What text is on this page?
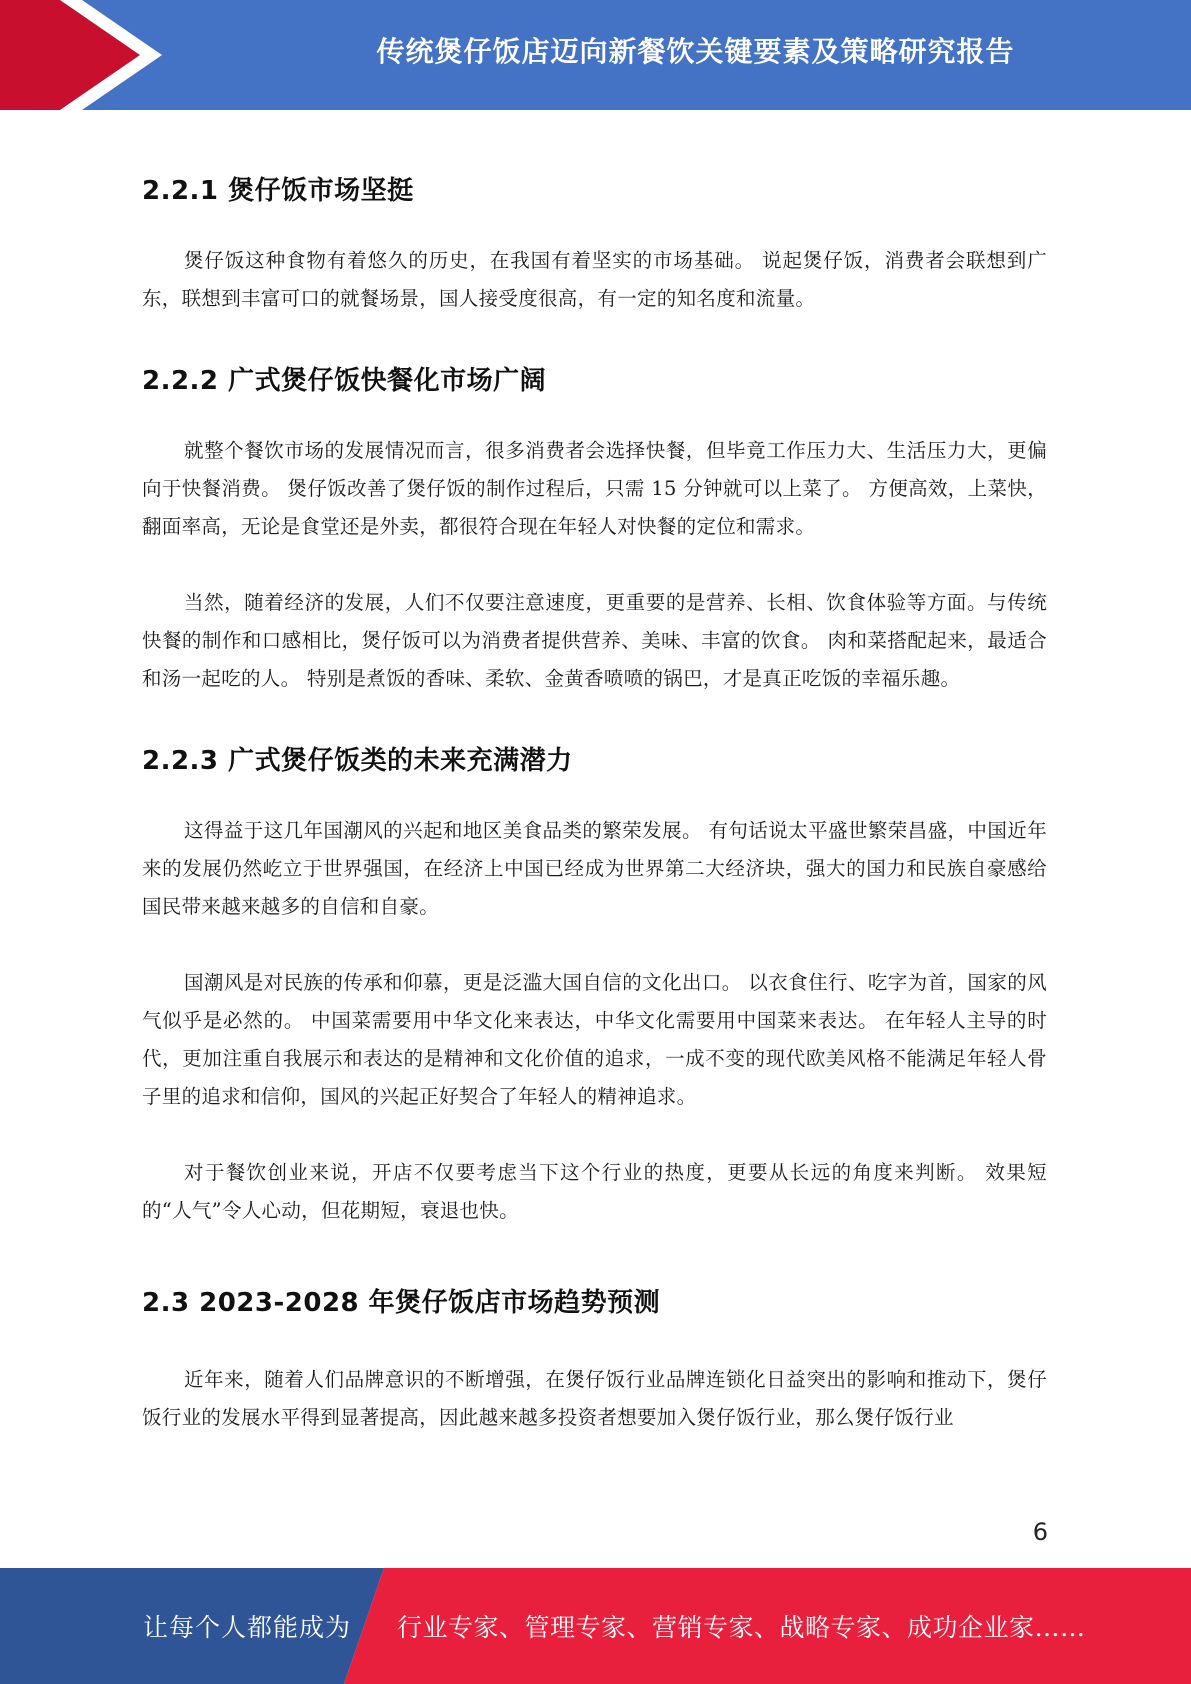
传统煲仔饭店迈向新餐饮关键要素及策略研究报告
2.2.1 煲仔饭市场坚挺

煲仔饭这种食物有着悠久的历史，在我国有着坚实的市场基础。 说起煲仔饭，消费者会联想到广东，联想到丰富可口的就餐场景，国人接受度很高，有一定的知名度和流量。

2.2.2 广式煲仔饭快餐化市场广阔

就整个餐饮市场的发展情况而言，很多消费者会选择快餐，但毕竟工作压力大、生活压力大，更偏向于快餐消费。 煲仔饭改善了煲仔饭的制作过程后，只需 15 分钟就可以上菜了。 方便高效，上菜快，翻面率高，无论是食堂还是外卖，都很符合现在年轻人对快餐的定位和需求。

当然，随着经济的发展，人们不仅要注意速度，更重要的是营养、长相、饮食体验等方面。与传统快餐的制作和口感相比，煲仔饭可以为消费者提供营养、美味、丰富的饮食。 肉和菜搭配起来，最适合和汤一起吃的人。 特别是煮饭的香味、柔软、金黄香喷喷的锅巴，才是真正吃饭的幸福乐趣。

2.2.3 广式煲仔饭类的未来充满潜力

这得益于这几年国潮风的兴起和地区美食品类的繁荣发展。 有句话说太平盛世繁荣昌盛，中国近年来的发展仍然屹立于世界强国，在经济上中国已经成为世界第二大经济块，强大的国力和民族自豪感给国民带来越来越多的自信和自豪。

国潮风是对民族的传承和仰慕，更是泛滥大国自信的文化出口。 以衣食住行、吃字为首，国家的风气似乎是必然的。 中国菜需要用中华文化来表达，中华文化需要用中国菜来表达。 在年轻人主导的时代，更加注重自我展示和表达的是精神和文化价值的追求，一成不变的现代欧美风格不能满足年轻人骨子里的追求和信仰，国风的兴起正好契合了年轻人的精神追求。

对于餐饮创业来说，开店不仅要考虑当下这个行业的热度，更要从长远的角度来判断。 效果短的“人气”令人心动，但花期短，衰退也快。

2.3 2023-2028 年煲仔饭店市场趋势预测

近年来，随着人们品牌意识的不断增强，在煲仔饭行业品牌连锁化日益突出的影响和推动下，煲仔饭行业的发展水平得到显著提高，因此越来越多投资者想要加入煲仔饭行业，那么煲仔饭行业

6
让每个人都能成为 行业专家、管理专家、营销专家、战略专家、成功企业家……
